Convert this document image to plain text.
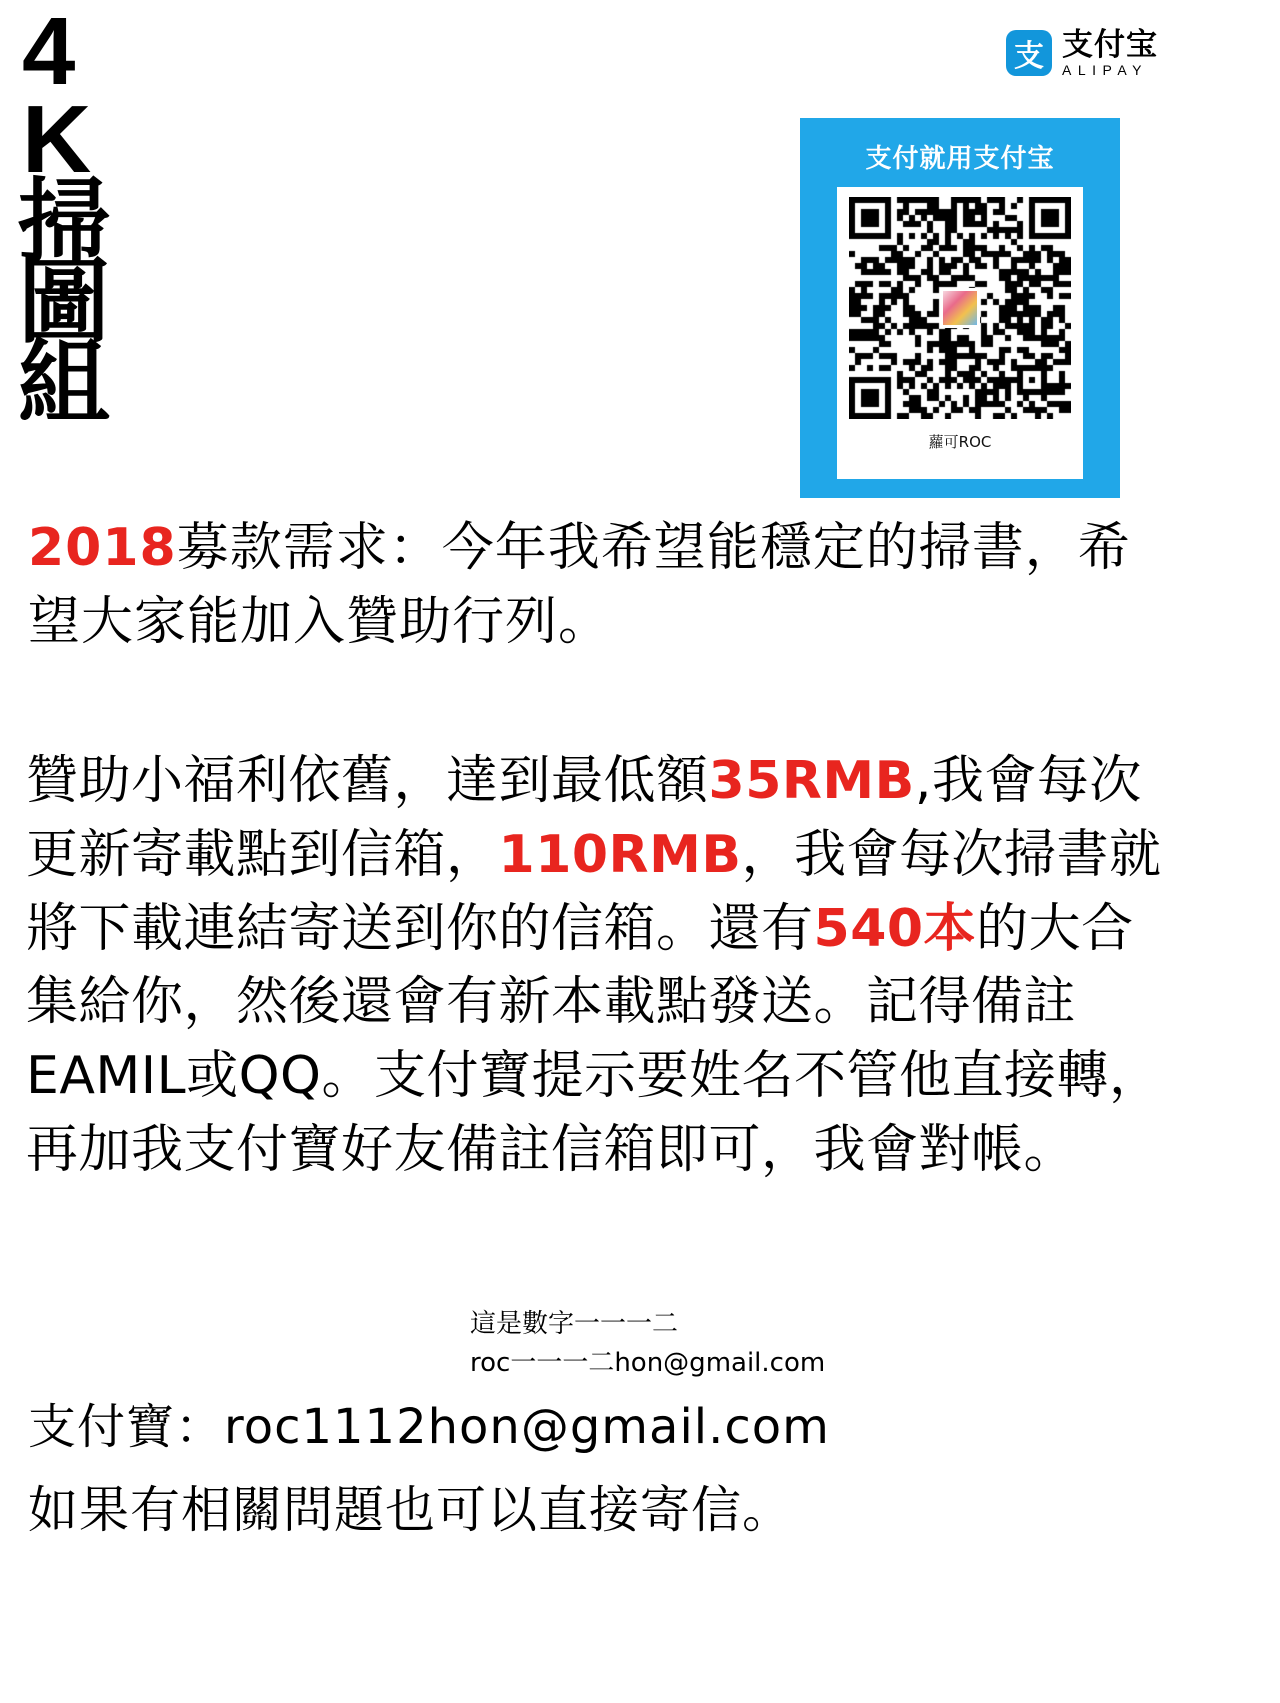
4
K
掃
圖
組
支 支付宝
ALIPAY
支付就用支付宝
蘿可ROC
2018募款需求：今年我希望能穩定的掃書，希望大家能加入贊助行列。
贊助小福利依舊，達到最低額35RMB,我會每次更新寄載點到信箱，110RMB，我會每次掃書就將下載連結寄送到你的信箱。還有540本的大合集給你，然後還會有新本載點發送。記得備註EAMIL或QQ。支付寶提示要姓名不管他直接轉，再加我支付寶好友備註信箱即可，我會對帳。
這是數字一一一二
roc一一一二hon@gmail.com
支付寶：roc1112hon@gmail.com
如果有相關問題也可以直接寄信。
